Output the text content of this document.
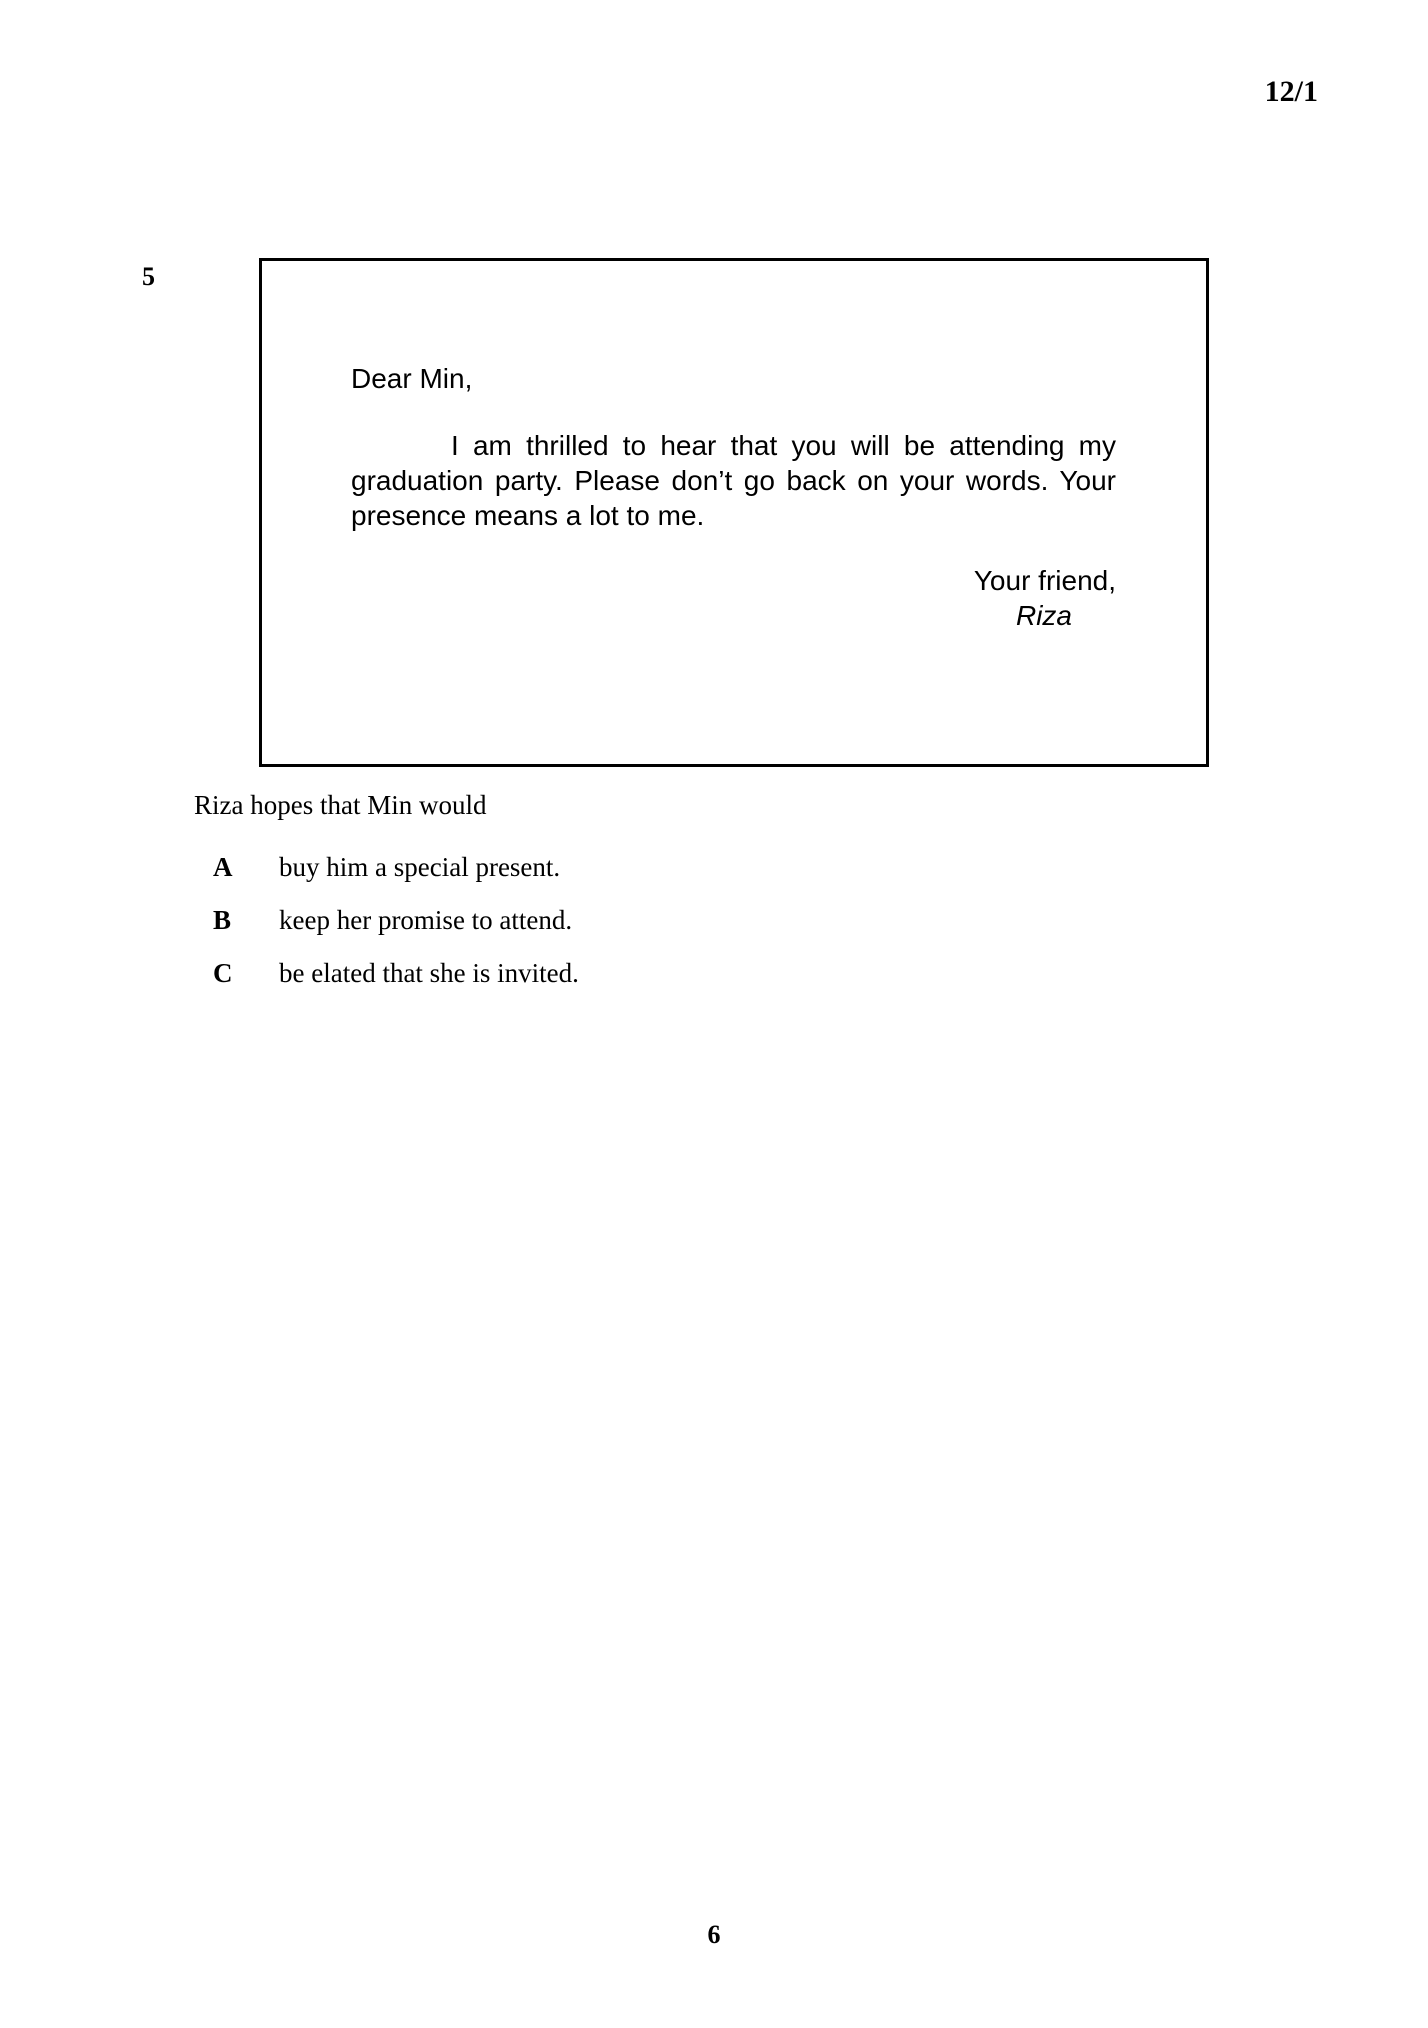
12/1
5

Dear Min,

I am thrilled to hear that you will be attending my graduation party. Please don’t go back on your words. Your presence means a lot to me.

Your friend,

Riza

Riza hopes that Min would
A	buy him a special present.
B	keep her promise to attend.
C	be elated that she is invited.
6
